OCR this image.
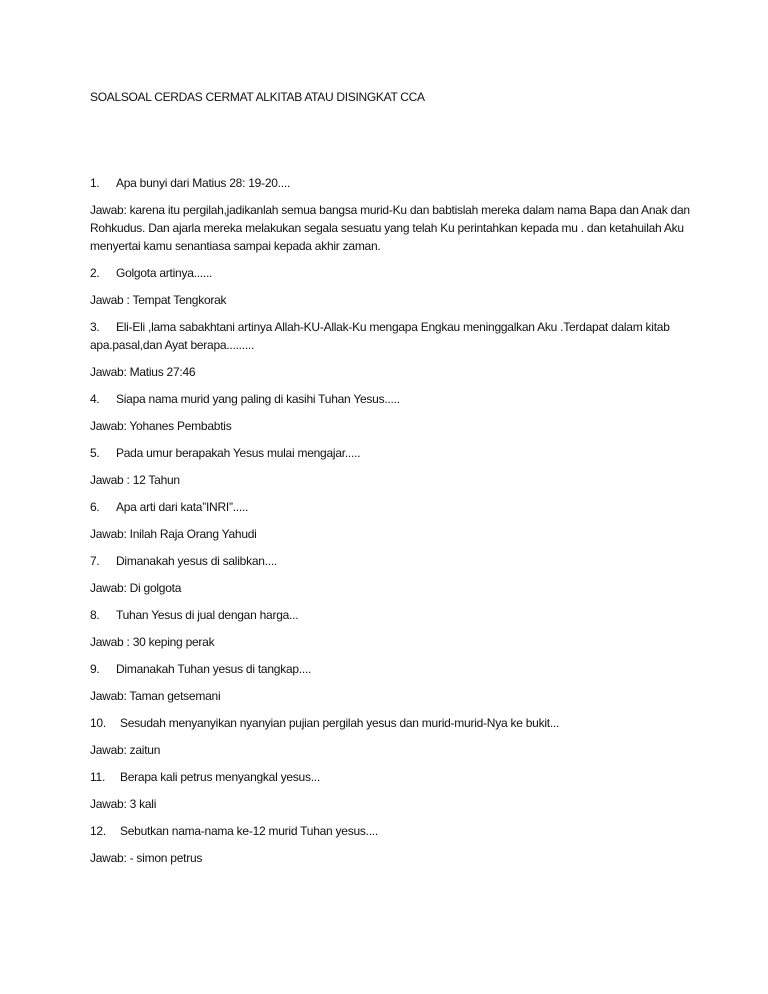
SOALSOAL CERDAS CERMAT ALKITAB ATAU DISINGKAT CCA

1. Apa bunyi dari Matius 28: 19-20....

Jawab: karena itu pergilah,jadikanlah semua bangsa murid-Ku dan babtislah mereka dalam nama Bapa dan Anak dan Rohkudus. Dan ajarla mereka melakukan segala sesuatu yang telah Ku perintahkan kepada mu . dan ketahuilah Aku menyertai kamu senantiasa sampai kepada akhir zaman.

2. Golgota artinya......

Jawab : Tempat Tengkorak

3. Eli-Eli ,lama sabakhtani artinya Allah-KU-Allak-Ku mengapa Engkau meninggalkan Aku .Terdapat dalam kitab apa.pasal,dan Ayat berapa.........

Jawab: Matius 27:46

4. Siapa nama murid yang paling di kasihi Tuhan Yesus.....

Jawab: Yohanes Pembabtis

5. Pada umur berapakah Yesus mulai mengajar.....

Jawab : 12 Tahun

6. Apa arti dari kata”INRI”.....

Jawab: Inilah Raja Orang Yahudi

7. Dimanakah yesus di salibkan....

Jawab: Di golgota

8. Tuhan Yesus di jual dengan harga...

Jawab : 30 keping perak

9. Dimanakah Tuhan yesus di tangkap....

Jawab: Taman getsemani

10. Sesudah menyanyikan nyanyian pujian pergilah yesus dan murid-murid-Nya ke bukit...

Jawab: zaitun

11. Berapa kali petrus menyangkal yesus...

Jawab: 3 kali

12. Sebutkan nama-nama ke-12 murid Tuhan yesus....

Jawab: - simon petrus
